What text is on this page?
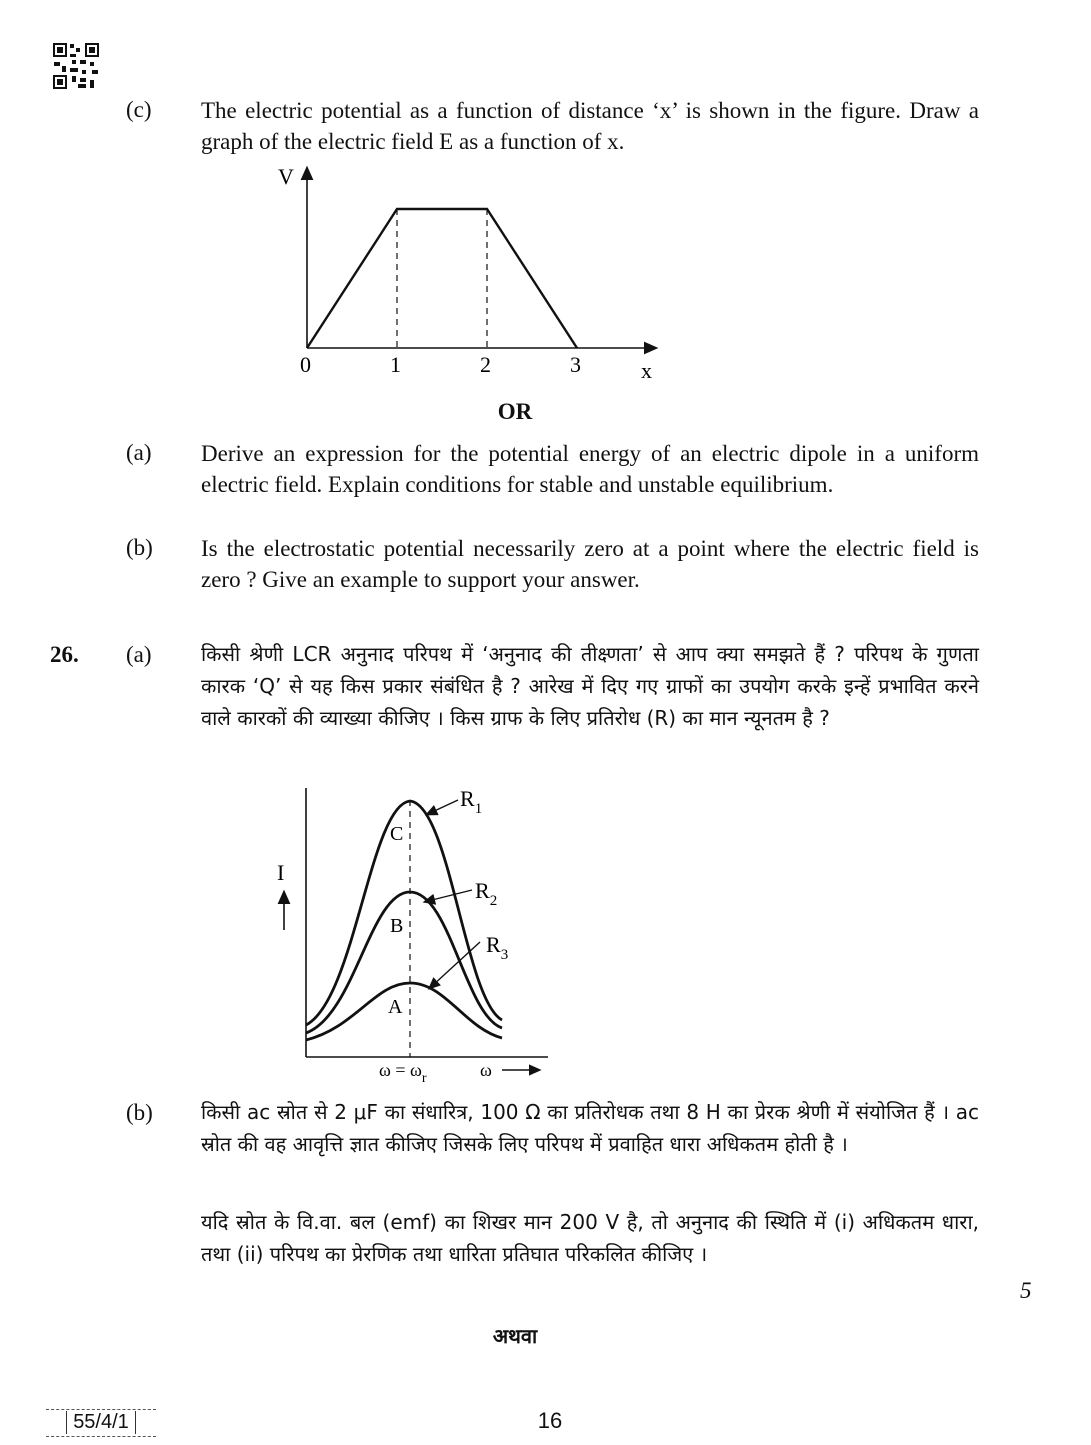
(c) The electric potential as a function of distance ‘x’ is shown in the figure. Draw a graph of the electric field E as a function of x.
V
0	1	2	3	x
OR
(a) Derive an expression for the potential energy of an electric dipole in a uniform electric field. Explain conditions for stable and unstable equilibrium.
(b) Is the electrostatic potential necessarily zero at a point where the electric field is zero ? Give an example to support your answer.
26. (a) किसी श्रेणी LCR अनुनाद परिपथ में ‘अनुनाद की तीक्ष्णता’ से आप क्या समझते हैं ? परिपथ के गुणता कारक ‘Q’ से यह किस प्रकार संबंधित है ? आरेख में दिए गए ग्राफों का उपयोग करके इन्हें प्रभावित करने वाले कारकों की व्याख्या कीजिए । किस ग्राफ के लिए प्रतिरोध (R) का मान न्यूनतम है ?
I
C
B
A
$R_1$
$R_2$
$R_3$
$\omega = \omega_r$	ω
(b) किसी ac स्रोत से 2 μF का संधारित्र, 100 Ω का प्रतिरोधक तथा 8 H का प्रेरक श्रेणी में संयोजित हैं । ac स्रोत की वह आवृत्ति ज्ञात कीजिए जिसके लिए परिपथ में प्रवाहित धारा अधिकतम होती है ।
यदि स्रोत के वि.वा. बल (emf) का शिखर मान 200 V है, तो अनुनाद की स्थिति में (i) अधिकतम धारा, तथा (ii) परिपथ का प्रेरणिक तथा धारिता प्रतिघात परिकलित कीजिए ।
5
अथवा
55/4/1	16
